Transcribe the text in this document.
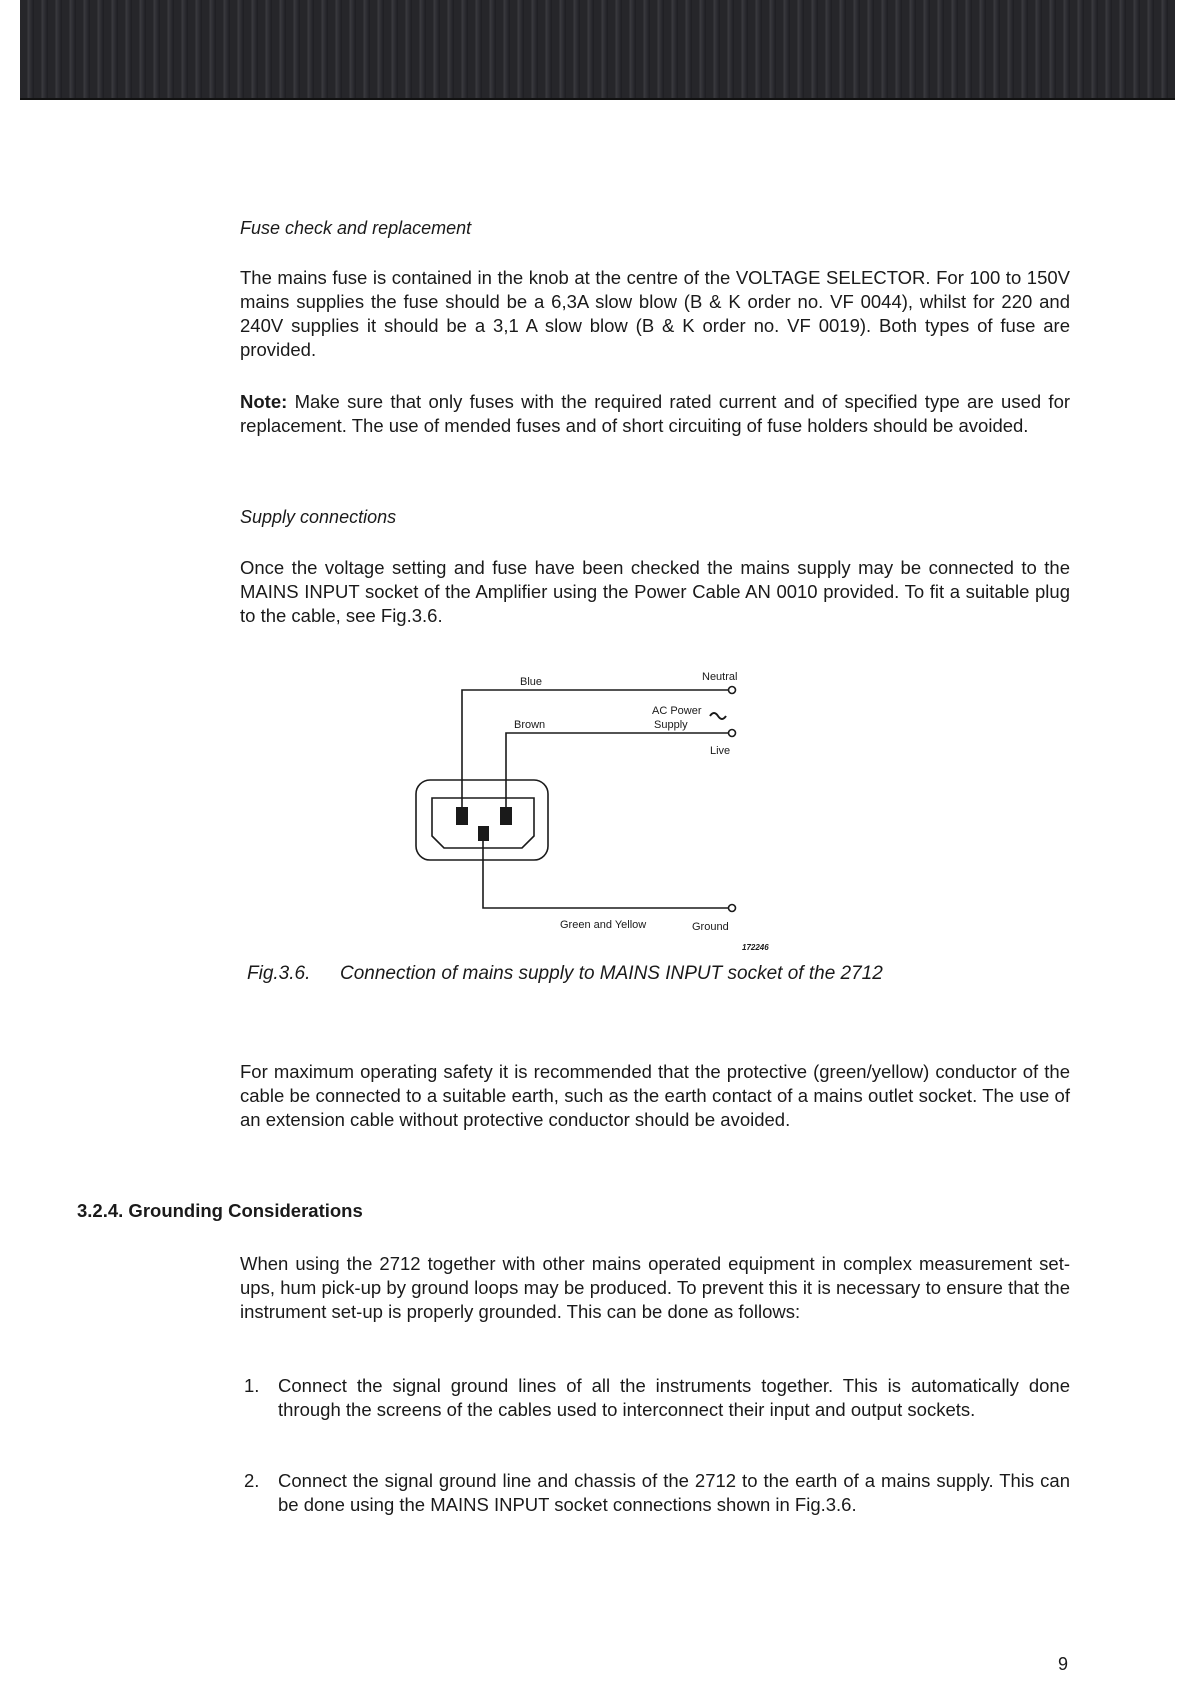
Fuse check and replacement
The mains fuse is contained in the knob at the centre of the VOLTAGE SELECTOR. For 100 to 150V mains supplies the fuse should be a 6,3A slow blow (B & K order no. VF 0044), whilst for 220 and 240V supplies it should be a 3,1 A slow blow (B & K order no. VF 0019). Both types of fuse are provided.
Note: Make sure that only fuses with the required rated current and of specified type are used for replacement. The use of mended fuses and of short circuiting of fuse holders should be avoided.
Supply connections
Once the voltage setting and fuse have been checked the mains supply may be connected to the MAINS INPUT socket of the Amplifier using the Power Cable AN 0010 provided. To fit a suitable plug to the cable, see Fig.3.6.
Blue	Neutral
AC Power
Supply
Brown
Live
Green and Yellow	Ground
172246
Fig.3.6. Connection of mains supply to MAINS INPUT socket of the 2712
For maximum operating safety it is recommended that the protective (green/yellow) conductor of the cable be connected to a suitable earth, such as the earth contact of a mains outlet socket. The use of an extension cable without protective conductor should be avoided.
3.2.4. Grounding Considerations
When using the 2712 together with other mains operated equipment in complex measurement set-ups, hum pick-up by ground loops may be produced. To prevent this it is necessary to ensure that the instrument set-up is properly grounded. This can be done as follows:
1. Connect the signal ground lines of all the instruments together. This is automatically done through the screens of the cables used to interconnect their input and output sockets.
2. Connect the signal ground line and chassis of the 2712 to the earth of a mains supply. This can be done using the MAINS INPUT socket connections shown in Fig.3.6.
9
